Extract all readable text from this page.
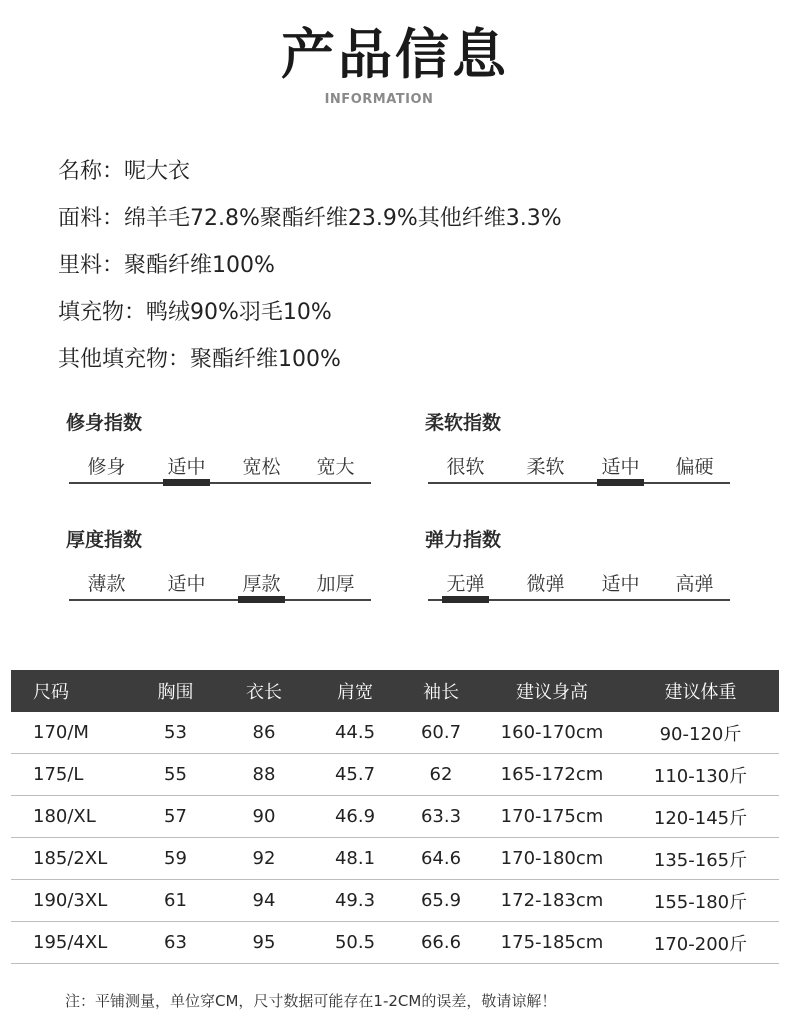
产品信息
INFORMATION
名称：呢大衣
面料：绵羊毛72.8%聚酯纤维23.9%其他纤维3.3%
里料：聚酯纤维100%
填充物：鸭绒90%羽毛10%
其他填充物：聚酯纤维100%
修身指数
修身	适中	宽松	宽大
柔软指数
很软	柔软	适中	偏硬
厚度指数
薄款	适中	厚款	加厚
弹力指数
无弹	微弹	适中	高弹
尺码	胸围	衣长	肩宽	袖长	建议身高	建议体重
170/M	53	86	44.5	60.7	160-170cm	90-120斤
175/L	55	88	45.7	62	165-172cm	110-130斤
180/XL	57	90	46.9	63.3	170-175cm	120-145斤
185/2XL	59	92	48.1	64.6	170-180cm	135-165斤
190/3XL	61	94	49.3	65.9	172-183cm	155-180斤
195/4XL	63	95	50.5	66.6	175-185cm	170-200斤
注：平铺测量，单位穿CM，尺寸数据可能存在1-2CM的误差，敬请谅解！
